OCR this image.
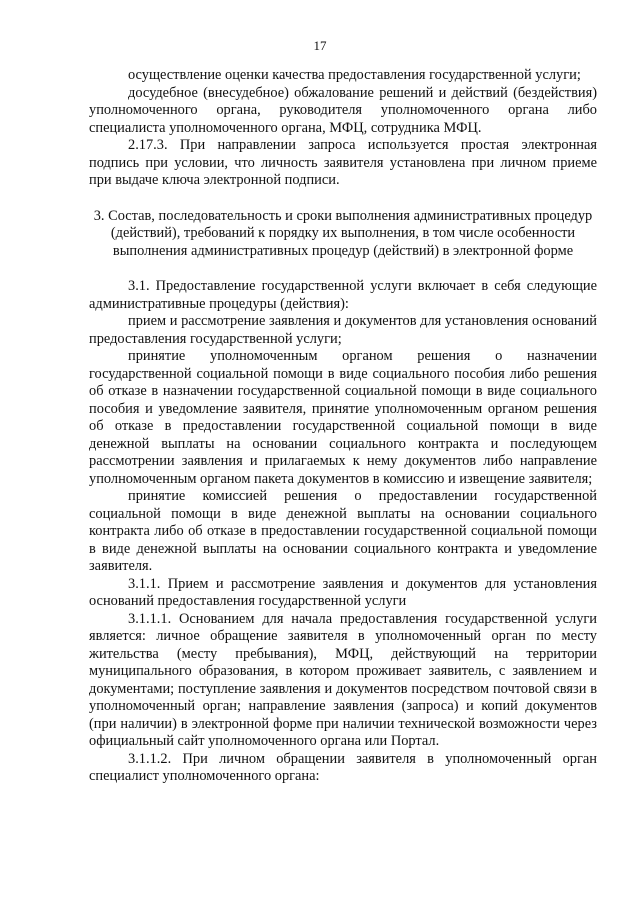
17

осуществление оценки качества предоставления государственной услуги;

досудебное (внесудебное) обжалование решений и действий (бездействия) уполномоченного органа, руководителя уполномоченного органа либо специалиста уполномоченного органа, МФЦ, сотрудника МФЦ.

2.17.3. При направлении запроса используется простая электронная подпись при условии, что личность заявителя установлена при личном приеме при выдаче ключа электронной подписи.

3. Состав, последовательность и сроки выполнения административных процедур (действий), требований к порядку их выполнения, в том числе особенности выполнения административных процедур (действий) в электронной форме

3.1. Предоставление государственной услуги включает в себя следующие административные процедуры (действия):

прием и рассмотрение заявления и документов для установления оснований предоставления государственной услуги;

принятие уполномоченным органом решения о назначении государственной социальной помощи в виде социального пособия либо решения об отказе в назначении государственной социальной помощи в виде социального пособия и уведомление заявителя, принятие уполномоченным органом решения об отказе в предоставлении государственной социальной помощи в виде денежной выплаты на основании социального контракта и последующем рассмотрении заявления и прилагаемых к нему документов либо направление уполномоченным органом пакета документов в комиссию и извещение заявителя;

принятие комиссией решения о предоставлении государственной социальной помощи в виде денежной выплаты на основании социального контракта либо об отказе в предоставлении государственной социальной помощи в виде денежной выплаты на основании социального контракта и уведомление заявителя.

3.1.1. Прием и рассмотрение заявления и документов для установления оснований предоставления государственной услуги

3.1.1.1. Основанием для начала предоставления государственной услуги является: личное обращение заявителя в уполномоченный орган по месту жительства (месту пребывания), МФЦ, действующий на территории муниципального образования, в котором проживает заявитель, с заявлением и документами; поступление заявления и документов посредством почтовой связи в уполномоченный орган; направление заявления (запроса) и копий документов (при наличии) в электронной форме при наличии технической возможности через официальный сайт уполномоченного органа или Портал.

3.1.1.2. При личном обращении заявителя в уполномоченный орган специалист уполномоченного органа:
